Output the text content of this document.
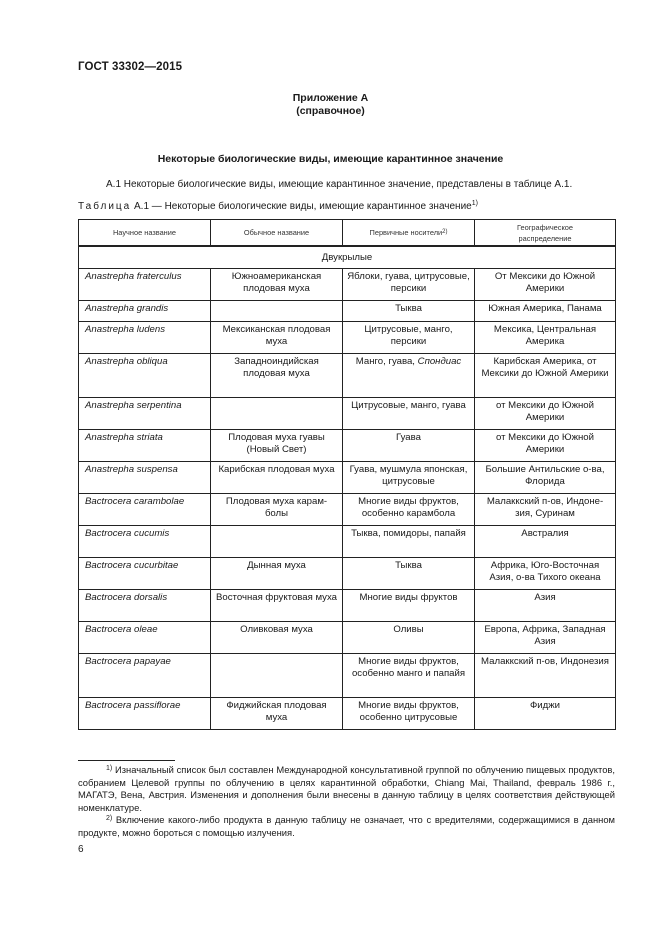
ГОСТ 33302—2015
Приложение А
(справочное)
Некоторые биологические виды, имеющие карантинное значение
А.1 Некоторые биологические виды, имеющие карантинное значение, представлены в таблице А.1.
Таблица А.1 — Некоторые биологические виды, имеющие карантинное значение$^{1)}$
Научное название	Обычное название	Первичные носители$^{2)}$	Географическое
распределение
Двукрылые			
Anastrepha fraterculus	Южноамериканская плодовая муха	Яблоки, гуава, цитрусовые, персики	От Мексики до Южной Америки
Anastrepha grandis		Тыква	Южная Америка, Панама
Anastrepha ludens	Мексиканская плодовая муха	Цитрусовые, манго, персики	Мексика, Центральная Америка
Anastrepha obliqua	Западноиндийская плодовая муха	Манго, гуава, Спондиас	Карибская Америка, от Мексики до Южной Америки
Anastrepha serpentina		Цитрусовые, манго, гуава	от Мексики до Южной Америки
Anastrepha striata	Плодовая муха гуавы (Новый Свет)	Гуава	от Мексики до Южной Америки
Anastrepha suspensa	Карибская плодовая муха	Гуава, мушмула японская, цитрусовые	Большие Антильские о-ва, Флорида
Bactrocera carambolae	Плодовая муха карам-болы	Многие виды фруктов, особенно карамбола	Малаккский п-ов, Индоне-зия, Суринам
Bactrocera cucumis		Тыква, помидоры, папайя	Австралия
Bactrocera cucurbitae	Дынная муха	Тыква	Африка, Юго-Восточная Азия, о-ва Тихого океана
Bactrocera dorsalis	Восточная фруктовая муха	Многие виды фруктов	Азия
Bactrocera oleae	Оливковая муха	Оливы	Европа, Африка, Западная Азия
Bactrocera papayae		Многие виды фруктов, особенно манго и папайя	Малаккский п-ов, Индонезия
Bactrocera passiflorae	Фиджийская плодовая муха	Многие виды фруктов, особенно цитрусовые	Фиджи
$^{1)}$ Изначальный список был составлен Международной консультативной группой по облучению пищевых продуктов, собранием Целевой группы по облучению в целях карантинной обработки, Chiang Mai, Thailand, февраль 1986 г., МАГАТЭ, Вена, Австрия. Изменения и дополнения были внесены в данную таблицу в целях соответствия действующей номенклатуре.
$^{2)}$ Включение какого-либо продукта в данную таблицу не означает, что с вредителями, содержащимися в данном продукте, можно бороться с помощью излучения.
6
